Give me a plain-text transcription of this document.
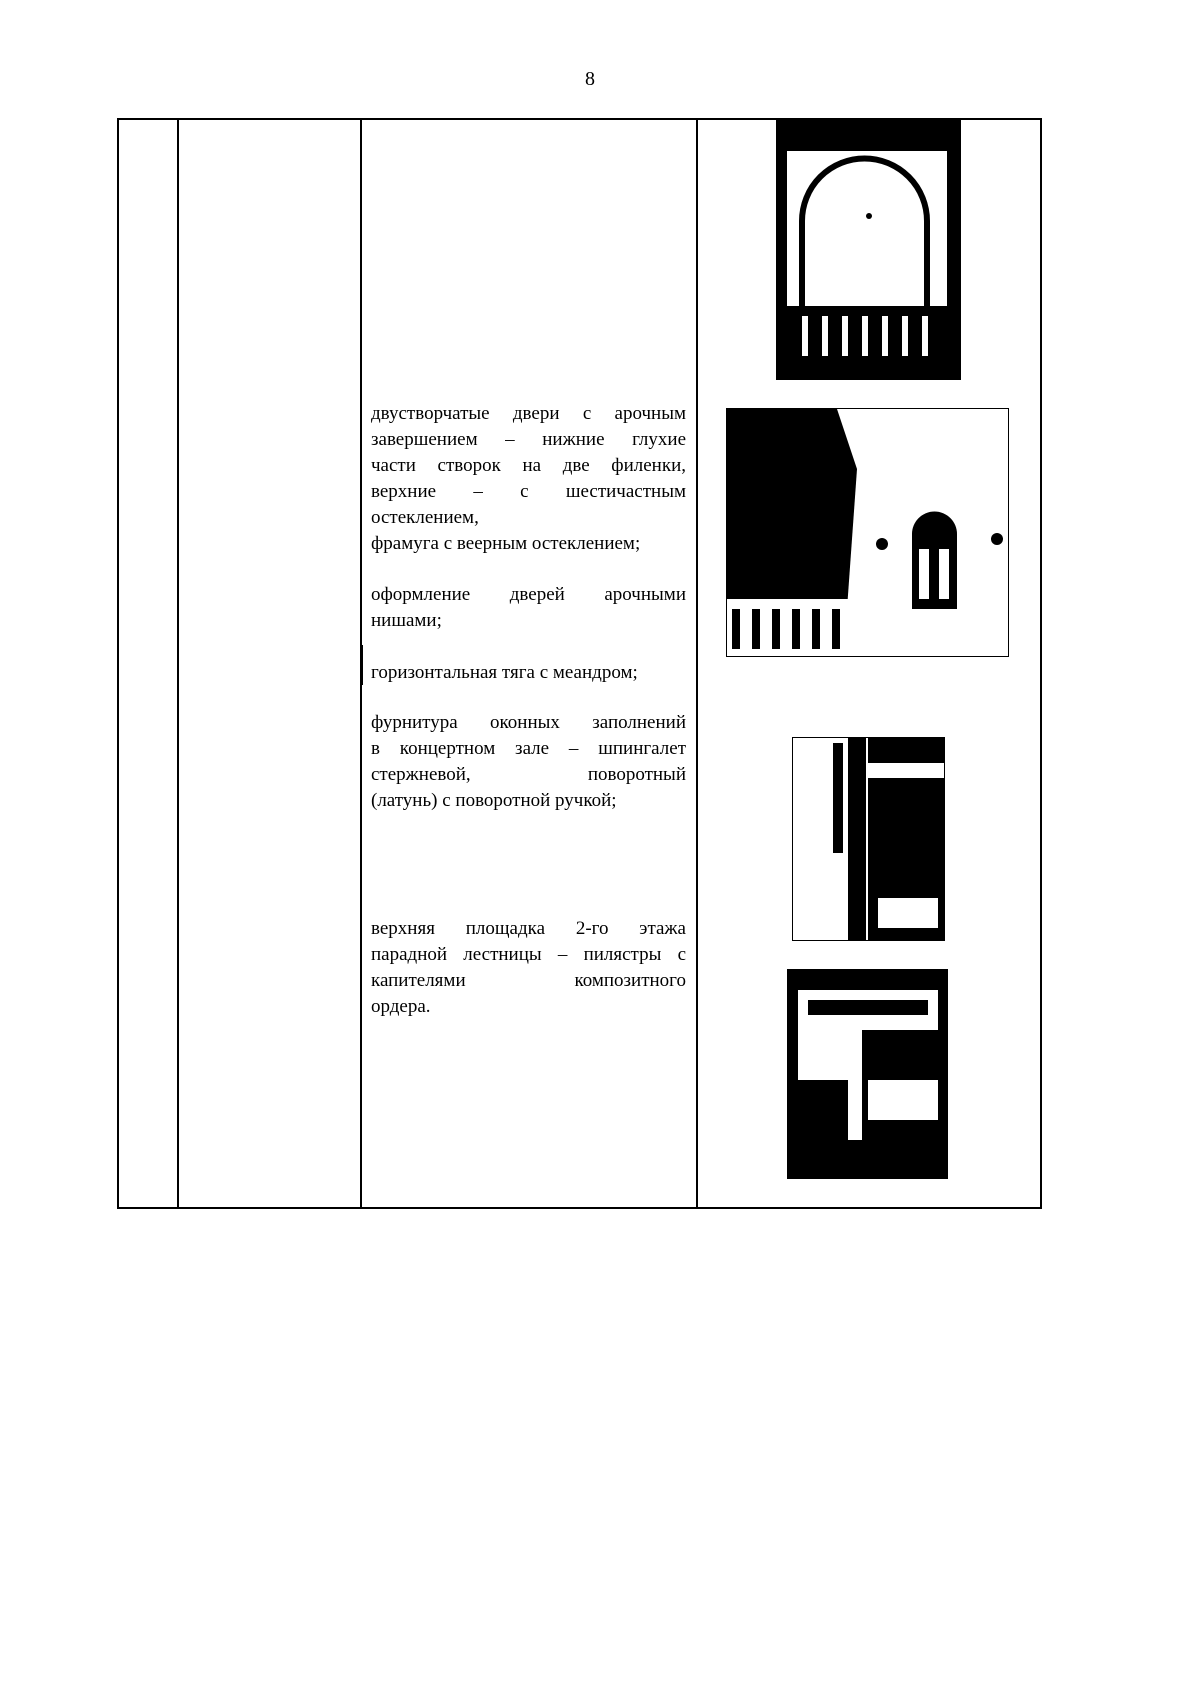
8
двустворчатые двери с арочным
завершением – нижние глухие
части створок на две филенки,
верхние – с шестичастным
остеклением,
фрамуга с веерным остеклением;
оформление дверей арочными
нишами;
горизонтальная тяга с меандром;
фурнитура оконных заполнений
в концертном зале – шпингалет
стержневой, поворотный
(латунь) с поворотной ручкой;
верхняя площадка 2-го этажа
парадной лестницы – пилястры с
капителями композитного
ордера.
